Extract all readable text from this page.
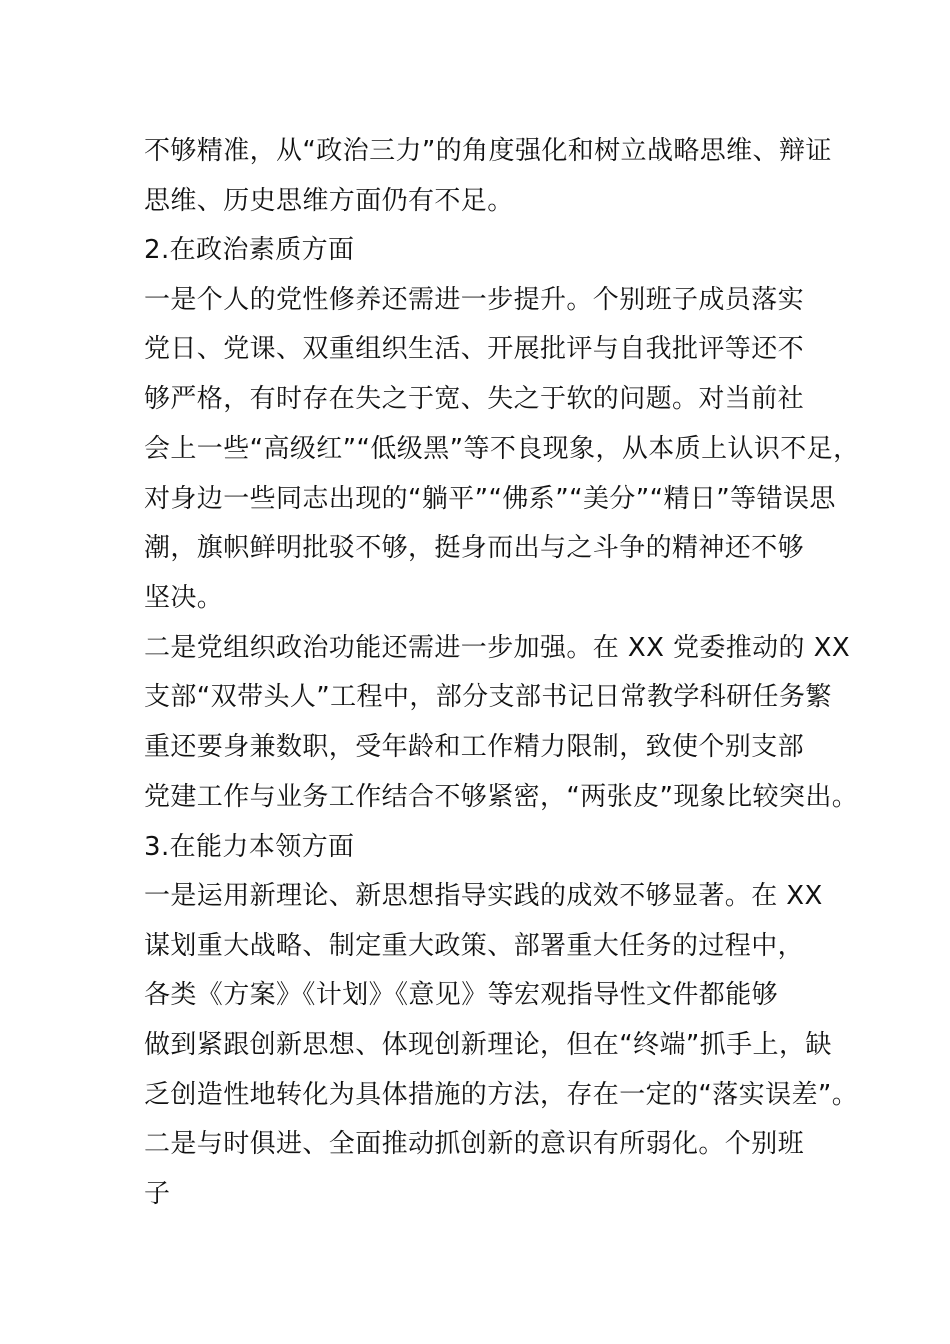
不够精准，从“政治三力”的角度强化和树立战略思维、辩证

思维、历史思维方面仍有不足。

2.在政治素质方面

一是个人的党性修养还需进一步提升。个别班子成员落实

党日、党课、双重组织生活、开展批评与自我批评等还不

够严格，有时存在失之于宽、失之于软的问题。对当前社

会上一些“高级红”“低级黑”等不良现象，从本质上认识不足，

对身边一些同志出现的“躺平”“佛系”“美分”“精日”等错误思

潮，旗帜鲜明批驳不够，挺身而出与之斗争的精神还不够

坚决。

二是党组织政治功能还需进一步加强。在 XX 党委推动的 XX

支部“双带头人”工程中，部分支部书记日常教学科研任务繁

重还要身兼数职，受年龄和工作精力限制，致使个别支部

党建工作与业务工作结合不够紧密，“两张皮”现象比较突出。

3.在能力本领方面

一是运用新理论、新思想指导实践的成效不够显著。在 XX

谋划重大战略、制定重大政策、部署重大任务的过程中，

各类《方案》《计划》《意见》等宏观指导性文件都能够

做到紧跟创新思想、体现创新理论，但在“终端”抓手上，缺

乏创造性地转化为具体措施的方法，存在一定的“落实误差”。

二是与时俱进、全面推动抓创新的意识有所弱化。个别班

子
